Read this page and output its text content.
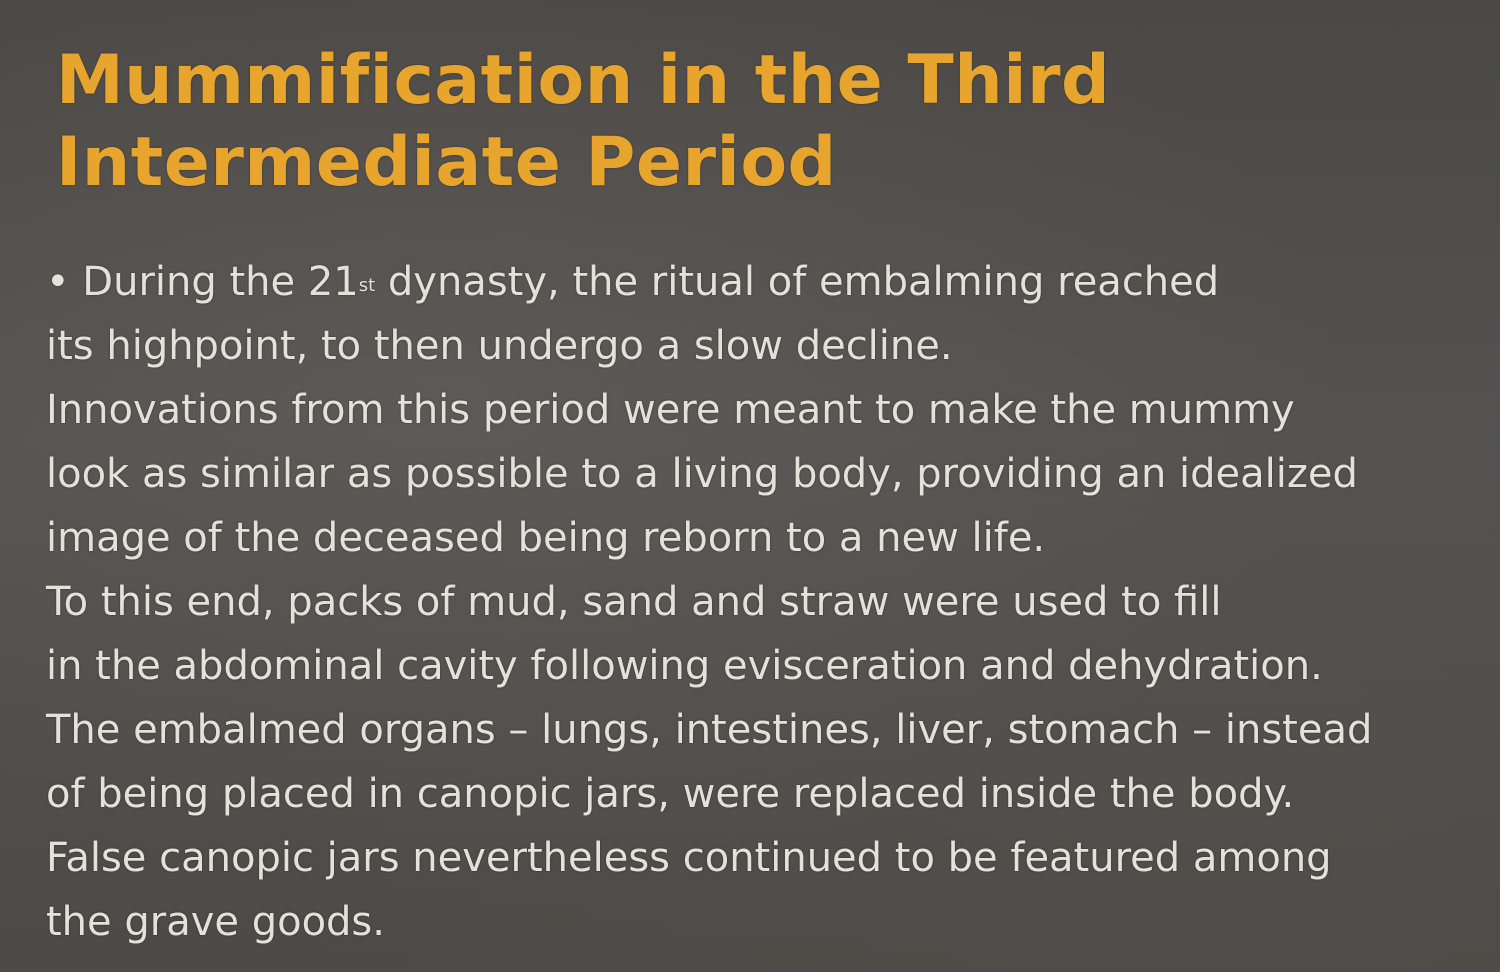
Mummification in the Third
Intermediate Period
• During the 21st dynasty, the ritual of embalming reached
its highpoint, to then undergo a slow decline.
Innovations from this period were meant to make the mummy
look as similar as possible to a living body, providing an idealized
image of the deceased being reborn to a new life.
To this end, packs of mud, sand and straw were used to fill
in the abdominal cavity following evisceration and dehydration.
The embalmed organs – lungs, intestines, liver, stomach – instead
of being placed in canopic jars, were replaced inside the body.
False canopic jars nevertheless continued to be featured among
the grave goods.
